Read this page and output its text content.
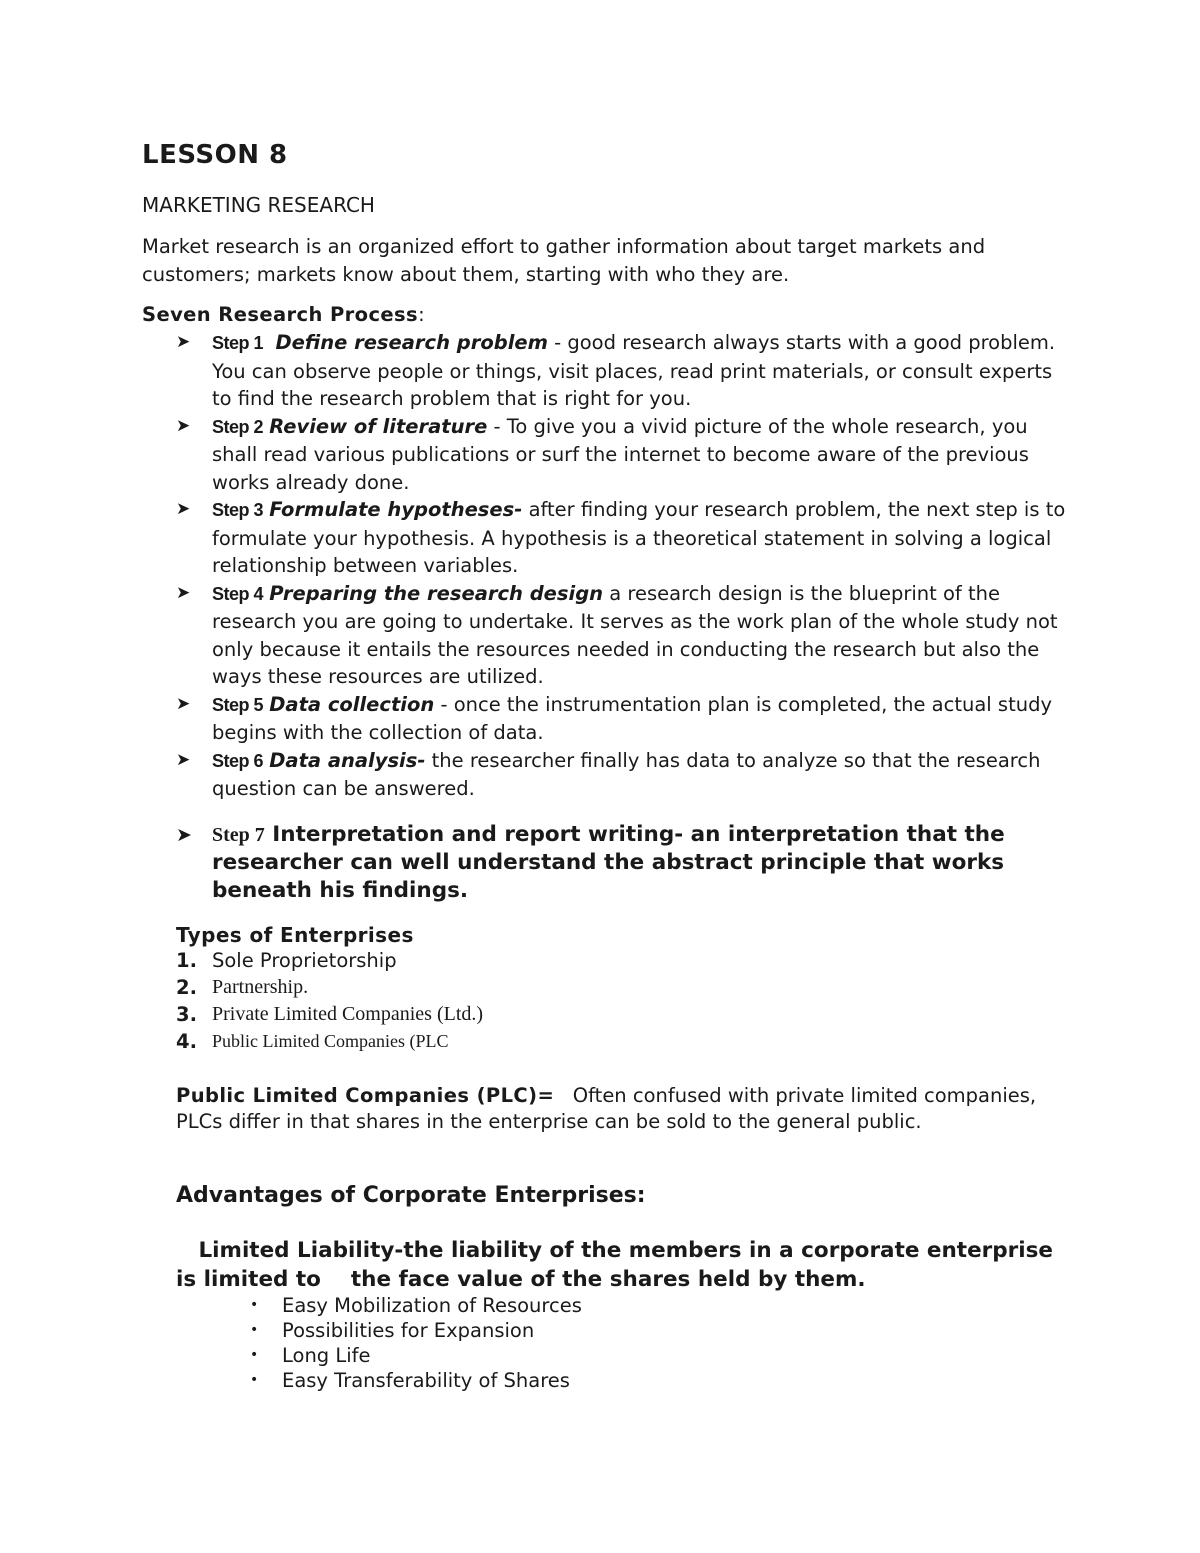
LESSON 8
MARKETING RESEARCH
Market research is an organized effort to gather information about target markets and customers; markets know about them, starting with who they are.
Seven Research Process:
➤ Step 1 Define research problem - good research always starts with a good problem. You can observe people or things, visit places, read print materials, or consult experts to find the research problem that is right for you.
➤ Step 2 Review of literature - To give you a vivid picture of the whole research, you shall read various publications or surf the internet to become aware of the previous works already done.
➤ Step 3 Formulate hypotheses- after finding your research problem, the next step is to formulate your hypothesis. A hypothesis is a theoretical statement in solving a logical relationship between variables.
➤ Step 4 Preparing the research design a research design is the blueprint of the research you are going to undertake. It serves as the work plan of the whole study not only because it entails the resources needed in conducting the research but also the ways these resources are utilized.
➤ Step 5 Data collection - once the instrumentation plan is completed, the actual study begins with the collection of data.
➤ Step 6 Data analysis- the researcher finally has data to analyze so that the research question can be answered.
➤ Step 7 Interpretation and report writing- an interpretation that the researcher can well understand the abstract principle that works beneath his findings.
Types of Enterprises
1. Sole Proprietorship
2. Partnership.
3. Private Limited Companies (Ltd.)
4. Public Limited Companies (PLC
Public Limited Companies (PLC)= Often confused with private limited companies, PLCs differ in that shares in the enterprise can be sold to the general public.
Advantages of Corporate Enterprises:
Limited Liability-the liability of the members in a corporate enterprise is limited to    the face value of the shares held by them.
• Easy Mobilization of Resources
• Possibilities for Expansion
• Long Life
• Easy Transferability of Shares
